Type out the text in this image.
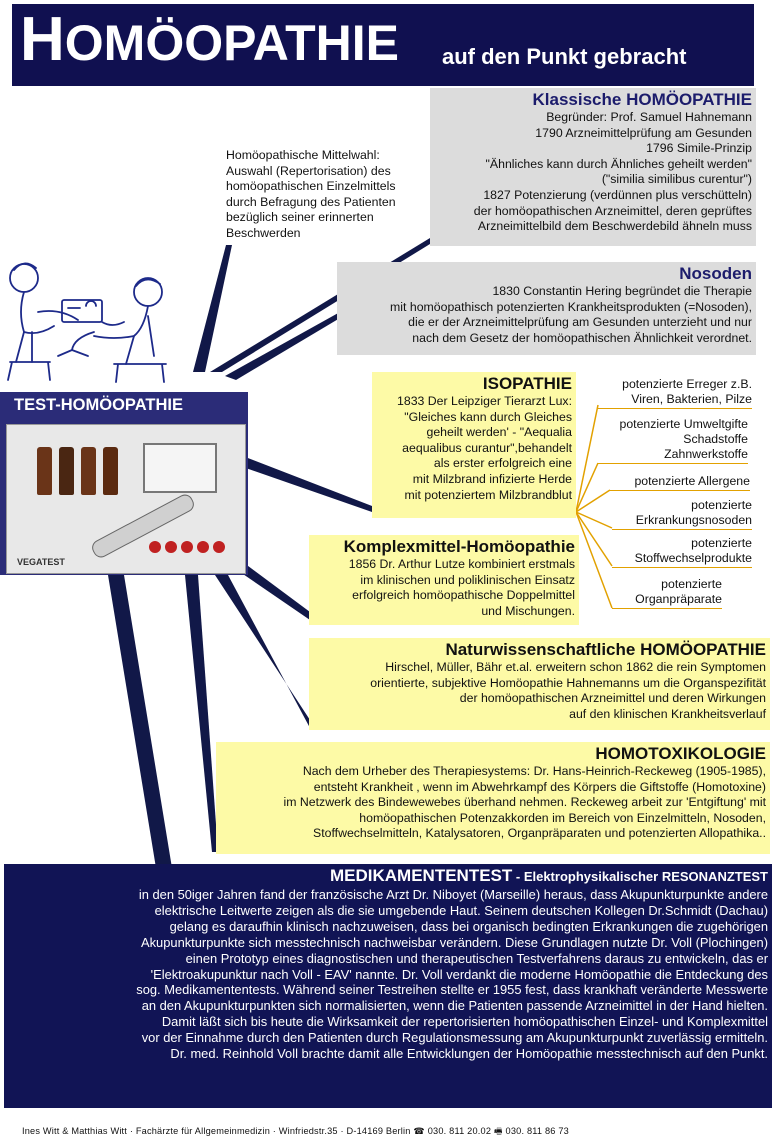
HOMÖOPATHIE auf den Punkt gebracht
Homöopathische Mittelwahl:
Auswahl (Repertorisation) des
homöopathischen Einzelmittels
durch Befragung des Patienten
bezüglich seiner erinnerten
Beschwerden
Klassische HOMÖOPATHIE

Begründer: Prof. Samuel Hahnemann
1790 Arzneimittelprüfung am Gesunden
1796 Simile-Prinzip
"Ähnliches kann durch Ähnliches geheilt werden"
("similia similibus curentur")
1827 Potenzierung (verdünnen plus verschütteln)
der homöopathischen Arzneimittel, deren geprüftes
Arzneimittelbild dem Beschwerdebild ähneln muss

Nosoden

1830 Constantin Hering begründet die Therapie
mit homöopathisch potenzierten Krankheitsprodukten (=Nosoden),
die er der Arzneimittelprüfung am Gesunden unterzieht und nur
nach dem Gesetz der homöopathischen Ähnlichkeit verordnet.

TEST-HOMÖOPATHIE
VEGATEST
ISOPATHIE

1833 Der Leipziger Tierarzt Lux:
"Gleiches kann durch Gleiches
geheilt werden' - "Aequalia
aequalibus curantur",behandelt
als erster erfolgreich eine
mit Milzbrand infizierte Herde
mit potenziertem Milzbrandblut

potenzierte Erreger z.B.
Viren, Bakterien, Pilze
potenzierte Umweltgifte
Schadstoffe
Zahnwerkstoffe
potenzierte Allergene
potenzierte
Erkrankungsnosoden
potenzierte
Stoffwechselprodukte
potenzierte
Organpräparate
Komplexmittel-Homöopathie

1856 Dr. Arthur Lutze kombiniert erstmals
im klinischen und poliklinischen Einsatz
erfolgreich homöopathische Doppelmittel
und Mischungen.

Naturwissenschaftliche HOMÖOPATHIE

Hirschel, Müller, Bähr et.al. erweitern schon 1862 die rein Symptomen
orientierte, subjektive Homöopathie Hahnemanns um die Organspezifität
der homöopathischen Arzneimittel und deren Wirkungen
auf den klinischen Krankheitsverlauf

HOMOTOXIKOLOGIE

Nach dem Urheber des Therapiesystems: Dr. Hans-Heinrich-Reckeweg (1905-1985),
entsteht Krankheit , wenn im Abwehrkampf des Körpers die Giftstoffe (Homotoxine)
im Netzwerk des Bindewewebes überhand nehmen. Reckeweg arbeit zur 'Entgiftung' mit
homöopathischen Potenzakkorden im Bereich von Einzelmitteln, Nosoden,
Stoffwechselmitteln, Katalysatoren, Organpräparaten und potenzierten Allopathika..

MEDIKAMENTENTEST - Elektrophysikalischer RESONANZTEST

in den 50iger Jahren fand der französische Arzt Dr. Niboyet (Marseille) heraus, dass Akupunkturpunkte andere
elektrische Leitwerte zeigen als die sie umgebende Haut. Seinem deutschen Kollegen Dr.Schmidt (Dachau)
gelang es daraufhin klinisch nachzuweisen, dass bei organisch bedingten Erkrankungen die zugehörigen
Akupunkturpunkte sich messtechnisch nachweisbar verändern. Diese Grundlagen nutzte Dr. Voll (Plochingen)
einen Prototyp eines diagnostischen und therapeutischen Testverfahrens daraus zu entwickeln, das er
'Elektroakupunktur nach Voll - EAV' nannte. Dr. Voll verdankt die moderne Homöopathie die Entdeckung des
sog. Medikamententests. Während seiner Testreihen stellte er 1955 fest, dass krankhaft veränderte Messwerte
an den Akupunkturpunkten sich normalisierten, wenn die Patienten passende Arzneimittel in der Hand hielten.
Damit läßt sich bis heute die Wirksamkeit der repertorisierten homöopathischen Einzel- und Komplexmittel
vor der Einnahme durch den Patienten durch Regulationsmessung am Akupunkturpunkt zuverlässig ermitteln.
Dr. med. Reinhold Voll brachte damit alle Entwicklungen der Homöopathie messtechnisch auf den Punkt.

Ines Witt & Matthias Witt · Fachärzte für Allgemeinmedizin · Winfriedstr.35 · D-14169 Berlin ☎ 030. 811 20.02 🖷 030. 811 86 73
